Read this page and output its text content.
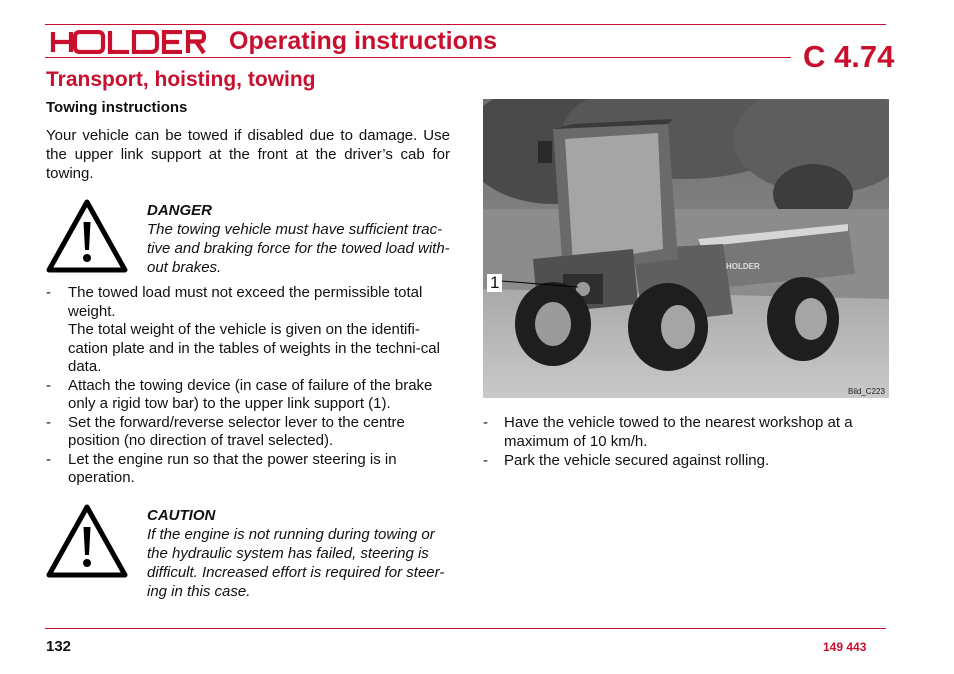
Operating instructions	C 4.74
Transport, hoisting, towing
Towing instructions

Your vehicle can be towed if disabled due to damage. Use the upper link support at the front at the driver’s cab for towing.

DANGER
The towing vehicle must have sufficient trac-tive and braking force for the towed load with-out brakes.
- The towed load must not exceed the permissible total weight.
The total weight of the vehicle is given on the identifi-cation plate and in the tables of weights in the techni-cal data.
- Attach the towing device (in case of failure of the brake only a rigid tow bar) to the upper link support (1).
- Set the forward/reverse selector lever to the centre position (no direction of travel selected).
- Let the engine run so that the power steering is in operation.
CAUTION
If the engine is not running during towing or the hydraulic system has failed, steering is difficult. Increased effort is required for steer-ing in this case.
HOLDER
1
Bild_C223
- Have the vehicle towed to the nearest workshop at a maximum of 10 km/h.
- Park the vehicle secured against rolling.
132	149 443
